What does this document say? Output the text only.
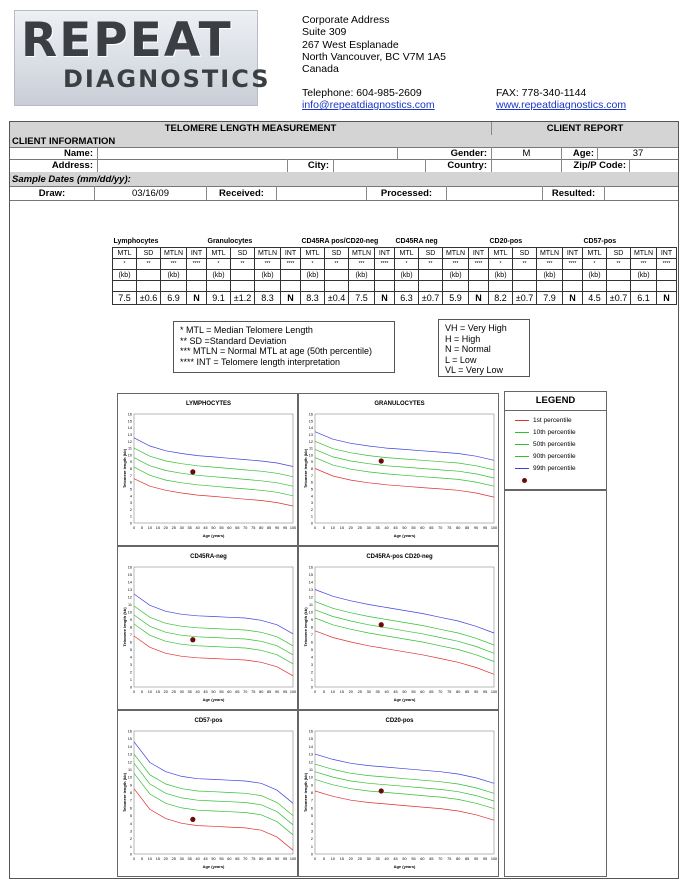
REPEAT
DIAGNOSTICS
Corporate Address
Suite 309
267 West Esplanade
North Vancouver, BC V7M 1A5
Canada
Telephone: 604-985-2609	FAX: 778-340-1144
info@repeatdiagnostics.com	www.repeatdiagnostics.com
TELOMERE LENGTH MEASUREMENT	CLIENT REPORT
CLIENT INFORMATION
Name:	Gender:	M	Age:	37
Address:	City:	Country:	Zip/P Code:
Sample Dates (mm/dd/yy):
Draw:	03/16/09	Received:	Processed:	Resulted:
Lymphocytes				Granulocytes				CD45RA pos/CD20-neg				CD45RA neg				CD20-pos				CD57-pos			
MTL	SD	MTLN	INT	MTL	SD	MTLN	INT	MTL	SD	MTLN	INT	MTL	SD	MTLN	INT	MTL	SD	MTLN	INT	MTL	SD	MTLN	INT
*	**	***	****	*	**	***	****	*	**	***	****	*	**	***	****	*	**	***	****	*	**	***	****
(kb)		(kb)		(kb)		(kb)		(kb)		(kb)		(kb)		(kb)		(kb)		(kb)		(kb)		(kb)	

7.5	±0.6	6.9	N	9.1	±1.2	8.3	N	8.3	±0.4	7.5	N	6.3	±0.7	5.9	N	8.2	±0.7	7.9	N	4.5	±0.7	6.1	N
* MTL = Median Telomere Length
** SD =Standard Deviation
*** MTLN = Normal MTL at age (50th percentile)
**** INT = Telomere length interpretation
VH = Very High
H = High
N = Normal
L = Low
VL = Very Low
LYMPHOCYTES
0
1
2
3
4
5
6
7
8
9
10
11
12
13
14
15
16
0 5 10 15 20 25 30 35 40 45 50 55 60 65 70 75 80 85 90 95 100
Age (years)
Telomere length (kb)
GRANULOCYTES
0
1
2
3
4
5
6
7
8
9
10
11
12
13
14
15
16
0 5 10 15 20 25 30 35 40 45 50 55 60 65 70 75 80 85 90 95 100
Age (years)
Telomere length (kb)
CD45RA-neg
0
1
2
3
4
5
6
7
8
9
10
11
12
13
14
15
16
0 5 10 15 20 25 30 35 40 45 50 55 60 65 70 75 80 85 90 95 100
Age (years)
Telomere length (kb)
CD45RA-pos CD20-neg
0
1
2
3
4
5
6
7
8
9
10
11
12
13
14
15
16
0 5 10 15 20 25 30 35 40 45 50 55 60 65 70 75 80 85 90 95 100
Age (years)
Telomere length (kb)
CD57-pos
0
1
2
3
4
5
6
7
8
9
10
11
12
13
14
15
16
0 5 10 15 20 25 30 35 40 45 50 55 60 65 70 75 80 85 90 95 100
Age (years)
Telomere length (kb)
CD20-pos
0
1
2
3
4
5
6
7
8
9
10
11
12
13
14
15
16
0 5 10 15 20 25 30 35 40 45 50 55 60 65 70 75 80 85 90 95 100
Age (years)
Telomere length (kb)
LEGEND
1st percentile
10th percentile
50th percentile
90th percentile
99th percentile
